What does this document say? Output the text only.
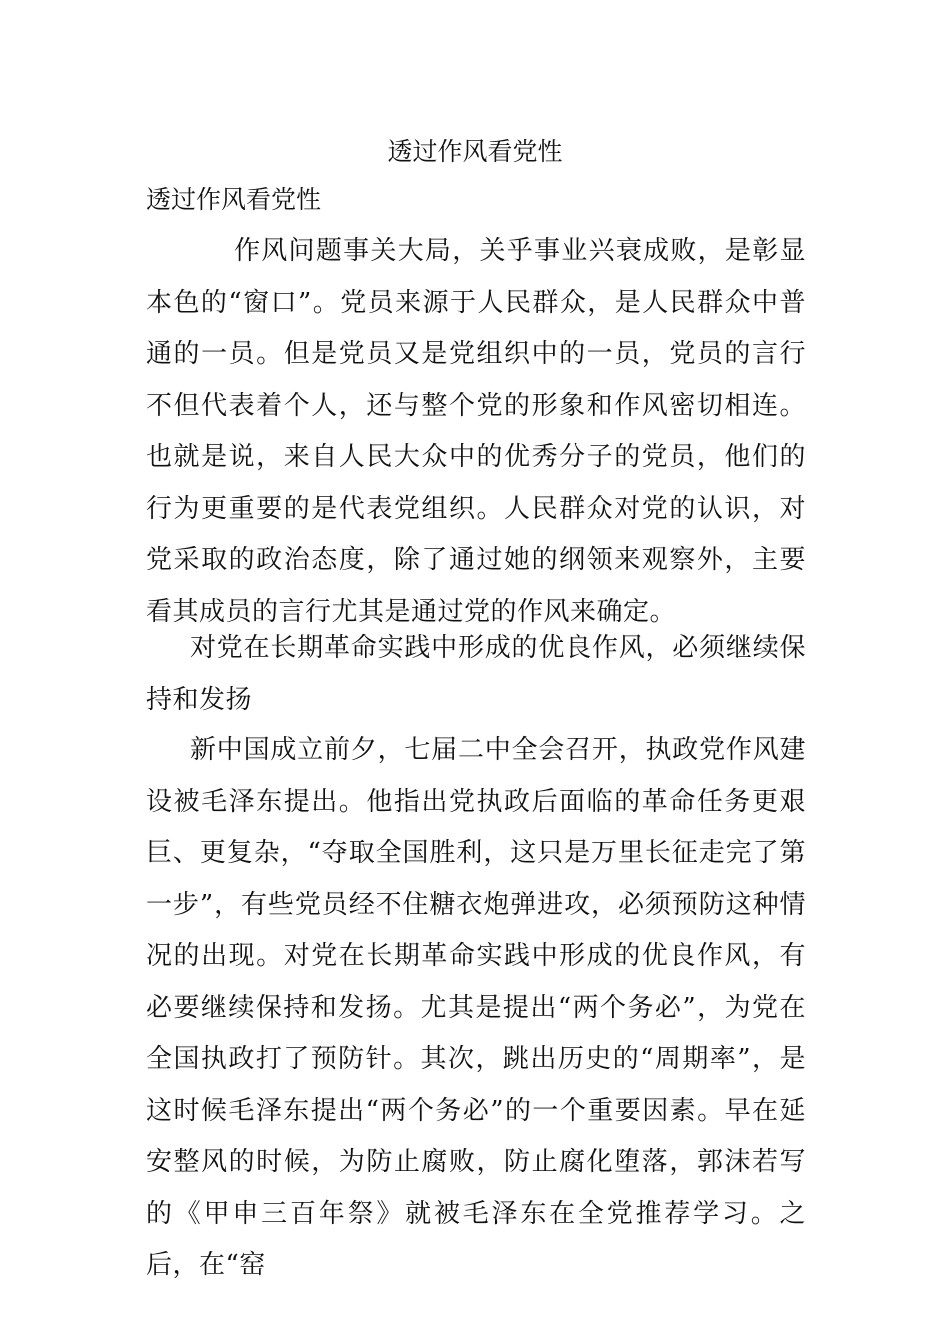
透过作风看党性
透过作风看党性

作风问题事关大局，关乎事业兴衰成败，是彰显本色的“窗口”。党员来源于人民群众，是人民群众中普通的一员。但是党员又是党组织中的一员，党员的言行不但代表着个人，还与整个党的形象和作风密切相连。也就是说，来自人民大众中的优秀分子的党员，他们的行为更重要的是代表党组织。人民群众对党的认识，对党采取的政治态度，除了通过她的纲领来观察外，主要看其成员的言行尤其是通过党的作风来确定。

对党在长期革命实践中形成的优良作风，必须继续保持和发扬

新中国成立前夕，七届二中全会召开，执政党作风建设被毛泽东提出。他指出党执政后面临的革命任务更艰巨、更复杂，“夺取全国胜利，这只是万里长征走完了第一步”，有些党员经不住糖衣炮弹进攻，必须预防这种情况的出现。对党在长期革命实践中形成的优良作风，有必要继续保持和发扬。尤其是提出“两个务必”，为党在全国执政打了预防针。其次，跳出历史的“周期率”，是这时候毛泽东提出“两个务必”的一个重要因素。早在延安整风的时候，为防止腐败，防止腐化堕落，郭沫若写的《甲申三百年祭》就被毛泽东在全党推荐学习。之后，在“窑
